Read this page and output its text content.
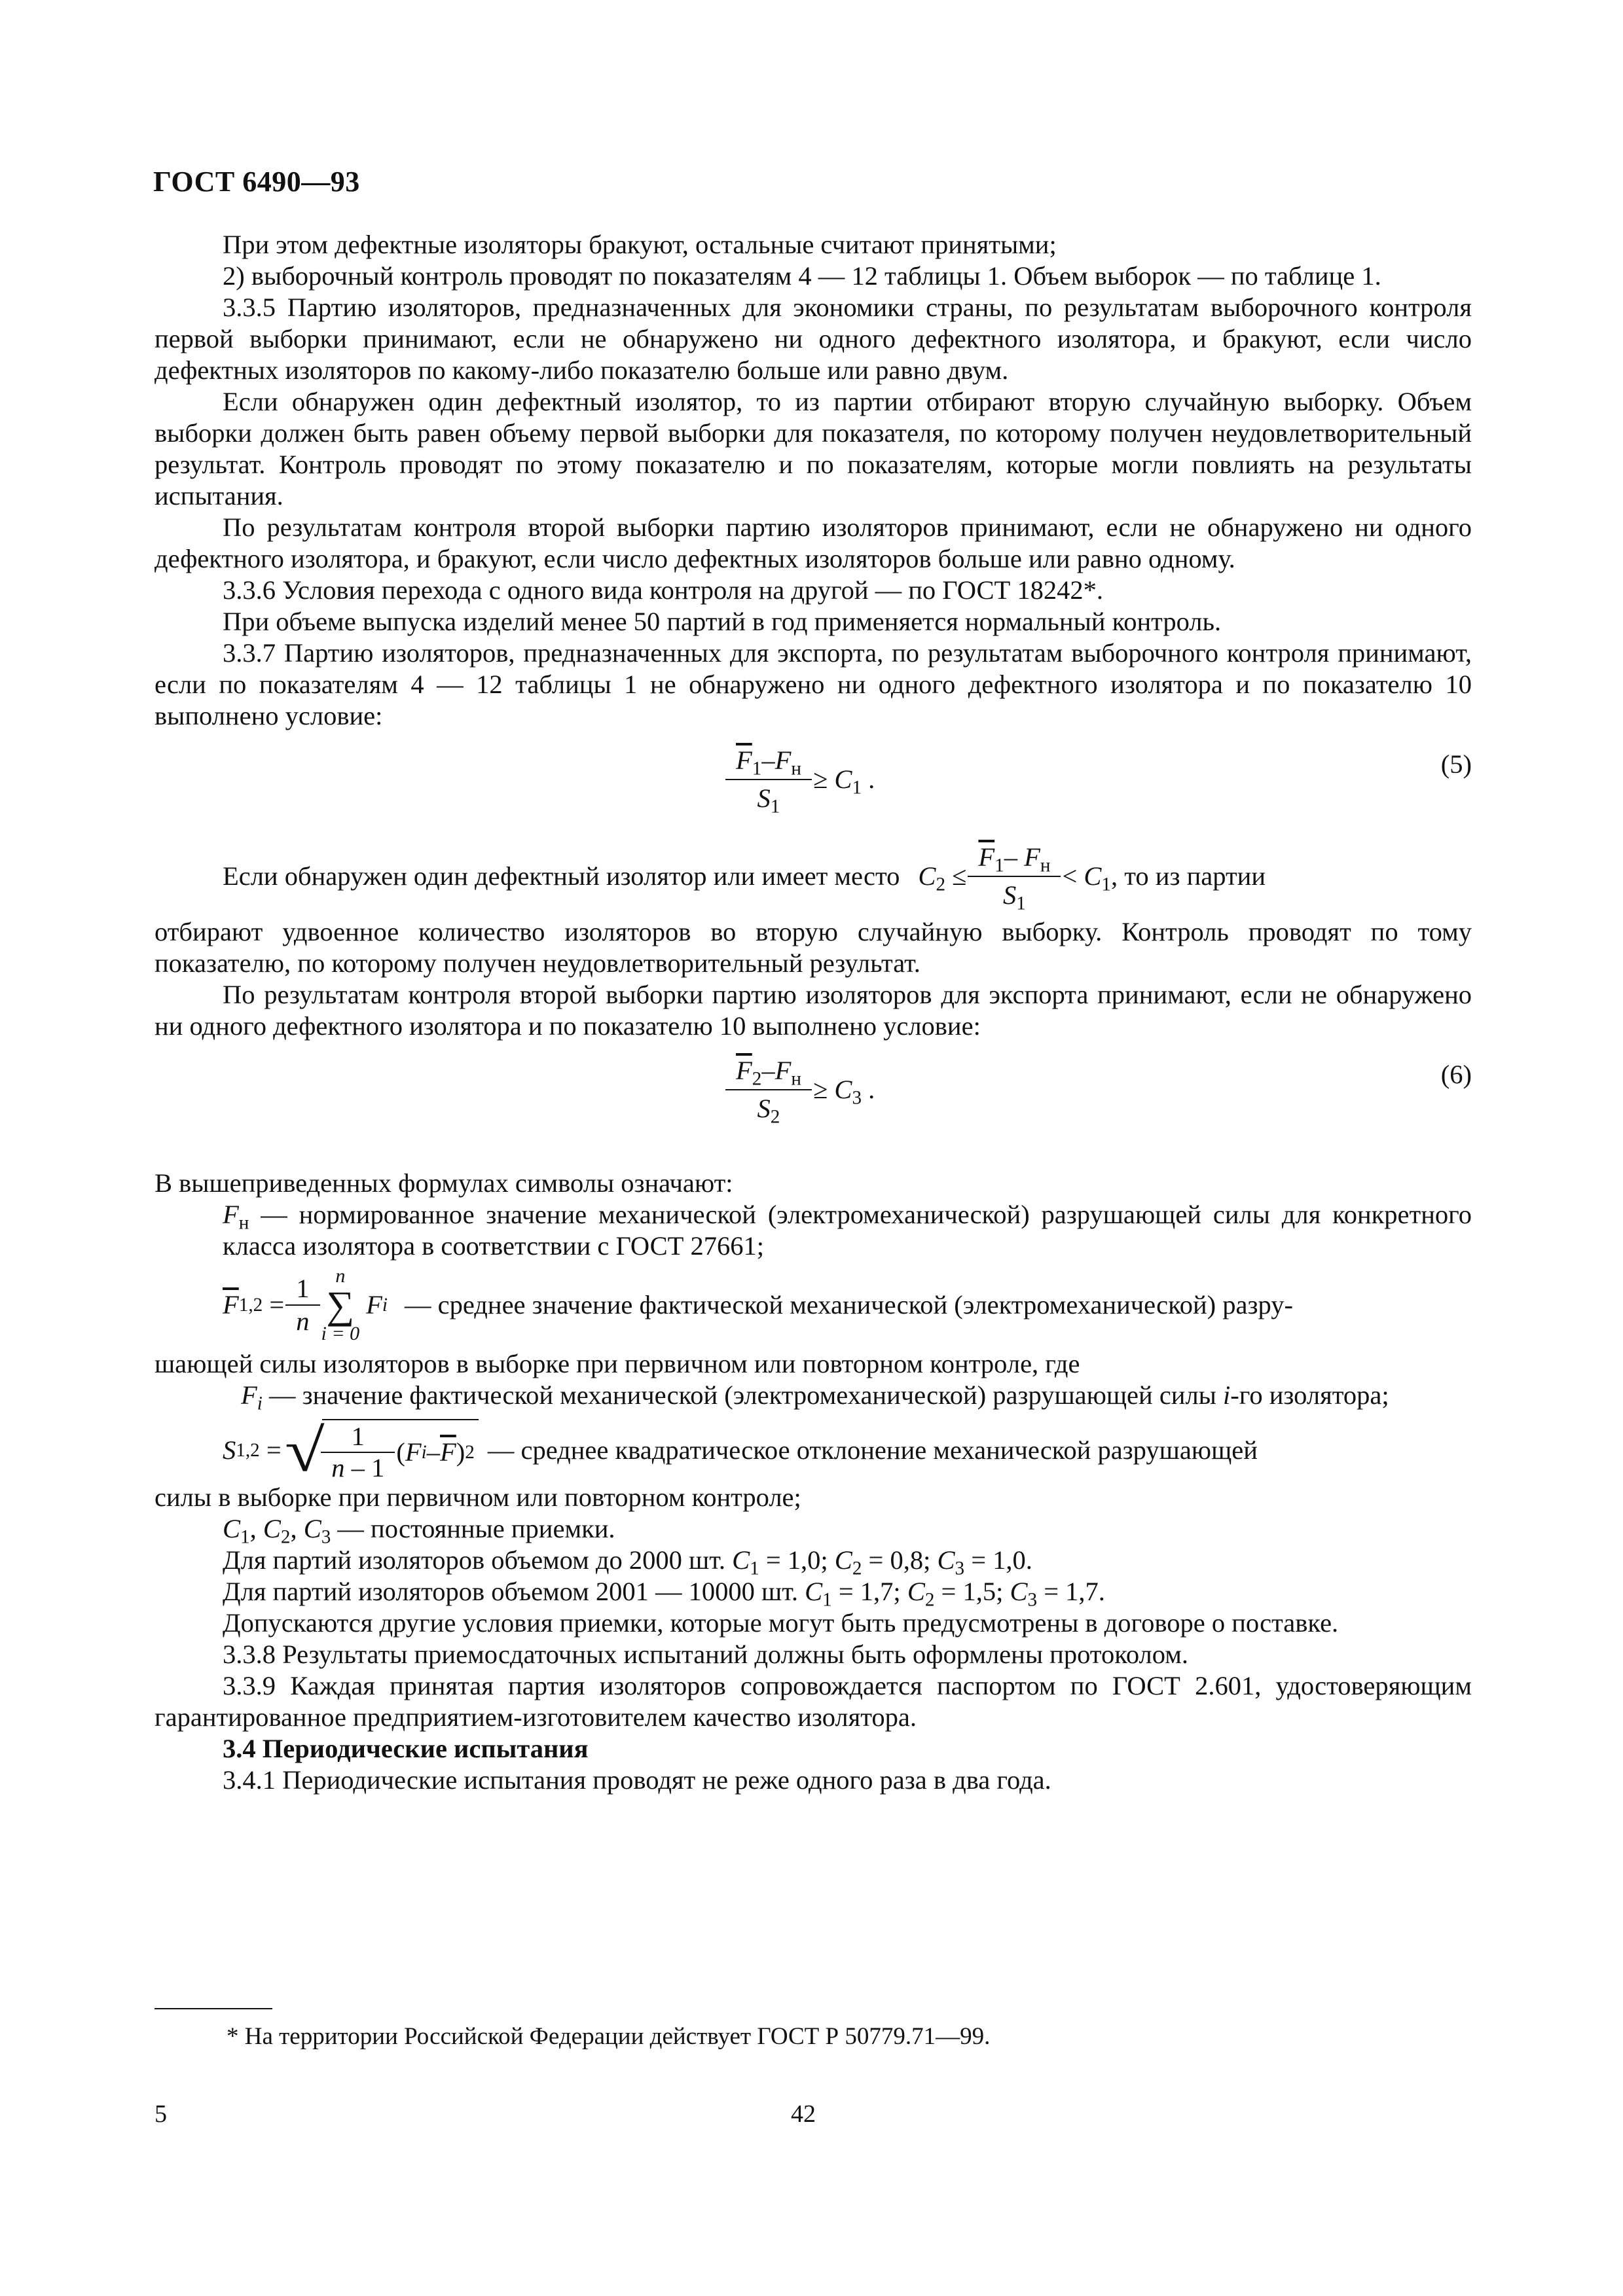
ГОСТ 6490—93

При этом дефектные изоляторы бракуют, остальные считают принятыми;

2) выборочный контроль проводят по показателям 4 — 12 таблицы 1. Объем выборок — по таблице 1.

3.3.5 Партию изоляторов, предназначенных для экономики страны, по результатам выборочного контроля первой выборки принимают, если не обнаружено ни одного дефектного изолятора, и бракуют, если число дефектных изоляторов по какому-либо показателю больше или равно двум.

Если обнаружен один дефектный изолятор, то из партии отбирают вторую случайную выборку. Объем выборки должен быть равен объему первой выборки для показателя, по которому получен неудовлетворительный результат. Контроль проводят по этому показателю и по показателям, которые могли повлиять на результаты испытания.

По результатам контроля второй выборки партию изоляторов принимают, если не обнаружено ни одного дефектного изолятора, и бракуют, если число дефектных изоляторов больше или равно одному.

3.3.6 Условия перехода с одного вида контроля на другой — по ГОСТ 18242*.

При объеме выпуска изделий менее 50 партий в год применяется нормальный контроль.

3.3.7 Партию изоляторов, предназначенных для экспорта, по результатам выборочного контроля принимают, если по показателям 4 — 12 таблицы 1 не обнаружено ни одного дефектного изолятора и по показателю 10 выполнено условие:

$\frac{\overline{F}_1-F_н}{S_1} \ge C_1$ .
(5)
Если обнаружен один дефектный изолятор или имеет место $C_2 \le \frac{\overline{F}_1- F_н}{S_1} < C_1$ , то из партии

отбирают удвоенное количество изоляторов во вторую случайную выборку. Контроль проводят по тому показателю, по которому получен неудовлетворительный результат.

По результатам контроля второй выборки партию изоляторов для экспорта принимают, если не обнаружено ни одного дефектного изолятора и по показателю 10 выполнено условие:

$\frac{\overline{F}_2-F_н}{S_2} \ge C_3$ .
(6)

В вышеприведенных формулах символы означают:

$F_н$ — нормированное значение механической (электромеханической) разрушающей силы для конкретного класса изолятора в соответствии с ГОСТ 27661;

$\overline{F}$ $1,2 = \frac{1}{n}$ n
∑
i = 0
F i — среднее значение фактической механической (электромеханической) разру-

шающей силы изоляторов в выборке при первичном или повторном контроле, где

$F_i$ — значение фактической механической (электромеханической) разрушающей силы i-го изолятора;

S 1,2 =
√ $\frac{1}{n - 1}$ ( F i – $\overline{F}$ ) 2 — среднее квадратическое отклонение механической разрушающей

силы в выборке при первичном или повторном контроле;

$C_1$, $C_2$, $C_3$ — постоянные приемки.

Для партий изоляторов объемом до 2000 шт. $C_1 = 1,0$; $C_2 = 0,8$; $C_3 = 1,0$.

Для партий изоляторов объемом 2001 — 10000 шт. $C_1 = 1,7$; $C_2 = 1,5$; $C_3 = 1,7$.

Допускаются другие условия приемки, которые могут быть предусмотрены в договоре о поставке.

3.3.8 Результаты приемосдаточных испытаний должны быть оформлены протоколом.

3.3.9 Каждая принятая партия изоляторов сопровождается паспортом по ГОСТ 2.601, удостоверяющим гарантированное предприятием-изготовителем качество изолятора.

3.4 Периодические испытания

3.4.1 Периодические испытания проводят не реже одного раза в два года.

* На территории Российской Федерации действует ГОСТ Р 50779.71—99.
5	42
